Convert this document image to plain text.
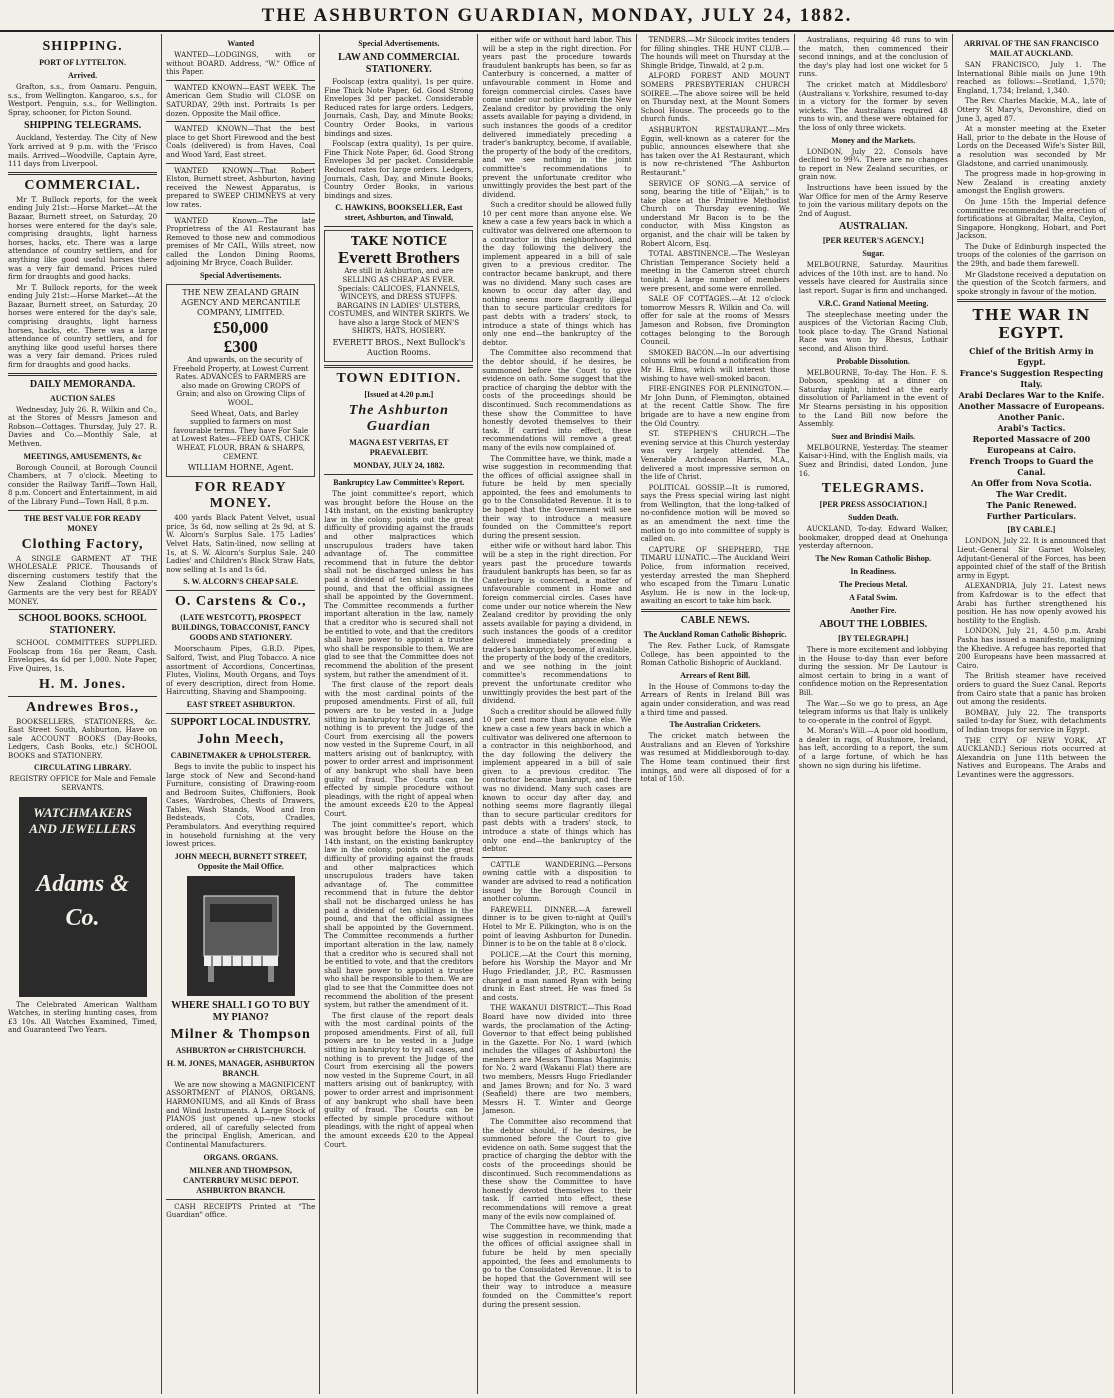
THE ASHBURTON GUARDIAN, MONDAY, JULY 24, 1882.
SHIPPING.
PORT OF LYTTELTON.
Arrived.

Grafton, s.s., from Oamaru. Penguin, s.s., from Wellington. Kangaroo, s.s., for Westport. Penguin, s.s., for Wellington. Spray, schooner, for Picton Sound.

SHIPPING TELEGRAMS.

Auckland, Yesterday. The City of New York arrived at 9 p.m. with the 'Frisco mails. Arrived—Woodville, Captain Ayre, 111 days from Liverpool.

COMMERCIAL.

Mr T. Bullock reports, for the week ending July 21st:—Horse Market—At the Bazaar, Burnett street, on Saturday, 20 horses were entered for the day's sale, comprising draughts, light harness horses, hacks, etc. There was a large attendance of country settlers, and for anything like good useful horses there was a very fair demand. Prices ruled firm for draughts and good hacks.

Mr T. Bullock reports, for the week ending July 21st:—Horse Market—At the Bazaar, Burnett street, on Saturday, 20 horses were entered for the day's sale, comprising draughts, light harness horses, hacks, etc. There was a large attendance of country settlers, and for anything like good useful horses there was a very fair demand. Prices ruled firm for draughts and good hacks.

DAILY MEMORANDA.
AUCTION SALES

Wednesday, July 26. R. Wilkin and Co., at the Stores of Messrs Jameson and Robson—Cottages. Thursday, July 27. R. Davies and Co.—Monthly Sale, at Methven.

MEETINGS, AMUSEMENTS, &c

Borough Council, at Borough Council Chambers, at 7 o'clock. Meeting to consider the Railway Tariff—Town Hall, 8 p.m. Concert and Entertainment, in aid of the Library Fund—Town Hall, 8 p.m.

THE BEST VALUE FOR READY MONEY
Clothing Factory,

A SINGLE GARMENT AT THE WHOLESALE PRICE. Thousands of discerning customers testify that the New Zealand Clothing Factory's Garments are the very best for READY MONEY.

SCHOOL BOOKS. SCHOOL STATIONERY.

SCHOOL COMMITTEES SUPPLIED. Foolscap from 16s per Ream, Cash. Envelopes, 4s 6d per 1,000. Note Paper, Five Quires, 1s.

H. M. Jones.
Andrewes Bros.,

BOOKSELLERS, STATIONERS, &c. East Street South, Ashburton, Have on sale ACCOUNT BOOKS (Day-Books, Ledgers, Cash Books, etc.) SCHOOL BOOKS and STATIONERY.

CIRCULATING LIBRARY.

REGISTRY OFFICE for Male and Female SERVANTS.

WATCHMAKERS AND JEWELLERS
Adams & Co.

The Celebrated American Waltham Watches, in sterling hunting cases, from £3 10s. All Watches Examined, Timed, and Guaranteed Two Years.

Wanted

WANTED—LODGINGS, with or without BOARD. Address, "W." Office of this Paper.

WANTED KNOWN—EAST WEEK. The American Gem Studio will CLOSE on SATURDAY, 29th inst. Portraits 1s per dozen. Opposite the Mail office.

WANTED KNOWN—That the best place to get Short Firewood and the best Coals (delivered) is from Haves, Coal and Wood Yard, East street.

WANTED KNOWN—That Robert Elston, Burnett street, Ashburton, having received the Newest Apparatus, is prepared to SWEEP CHIMNEYS at very low rates.

WANTED Known—The late Proprietress of the A1 Restaurant has Removed to those new and commodious premises of Mr CAIL, Wills street, now called the London Dining Rooms, adjoining Mr Bryce, Coach Builder.

Special Advertisements.
THE NEW ZEALAND GRAIN AGENCY AND MERCANTILE COMPANY, LIMITED.
£50,000
£300

And upwards, on the security of Freehold Property, at Lowest Current Rates. ADVANCES to FARMERS are also made on Growing CROPS of Grain; and also on Growing Clips of WOOL.

Seed Wheat, Oats, and Barley supplied to farmers on most favourable terms. They have For Sale at Lowest Rates—FEED OATS, CHICK WHEAT, FLOUR, BRAN & SHARPS, CEMENT.

WILLIAM HORNE, Agent.
FOR READY MONEY.

400 yards Black Patent Velvet, usual price, 3s 6d, now selling at 2s 9d, at S. W. Alcorn's Surplus Sale. 175 Ladies' Velvet Hats, Satin-lined, now selling at 1s, at S. W. Alcorn's Surplus Sale. 240 Ladies' and Children's Black Straw Hats, now selling at 1s and 1s 6d.

S. W. ALCORN'S CHEAP SALE.
O. Carstens & Co.,
(LATE WESTCOTT), PROSPECT BUILDINGS, TOBACCONIST, FANCY GOODS AND STATIONERY.

Moorschaum Pipes, G.B.D. Pipes, Salford, Twist, and Plug Tobacco. A nice assortment of Accordions, Concertinas, Flutes, Violins, Mouth Organs, and Toys of every description, direct from Home. Haircutting, Shaving and Shampooing.

EAST STREET ASHBURTON.
SUPPORT LOCAL INDUSTRY.
John Meech,
CABINETMAKER & UPHOLSTERER.

Begs to invite the public to inspect his large stock of New and Second-hand Furniture, consisting of Drawing-room and Bedroom Suites, Chiffoniers, Book Cases, Wardrobes, Chests of Drawers, Tables, Wash Stands, Wood and Iron Bedsteads, Cots, Cradles, Perambulators. And everything required in household furnishing at the very lowest prices.

JOHN MEECH, BURNETT STREET, Opposite the Mail Office.
WHERE SHALL I GO TO BUY MY PIANO?
Milner & Thompson
ASHBURTON or CHRISTCHURCH.
H. M. JONES, MANAGER, ASHBURTON BRANCH.

We are now showing a MAGNIFICENT ASSORTMENT of PIANOS, ORGANS, HARMONIUMS, and all Kinds of Brass and Wind Instruments. A Large Stock of PIANOS just opened up—new stocks ordered, all of carefully selected from the principal English, American, and Continental Manufacturers.

ORGANS. ORGANS.
MILNER AND THOMPSON, CANTERBURY MUSIC DEPOT. ASHBURTON BRANCH.

CASH RECEIPTS Printed at "The Guardian" office.

Special Advertisements.
LAW AND COMMERCIAL STATIONERY.

Foolscap (extra quality), 1s per quire. Fine Thick Note Paper, 6d. Good Strong Envelopes 3d per packet. Considerable Reduced rates for large orders. Ledgers, Journals, Cash, Day, and Minute Books; Country Order Books, in various bindings and sizes.

Foolscap (extra quality), 1s per quire. Fine Thick Note Paper, 6d. Good Strong Envelopes 3d per packet. Considerable Reduced rates for large orders. Ledgers, Journals, Cash, Day, and Minute Books; Country Order Books, in various bindings and sizes.

C. HAWKINS, BOOKSELLER, East street, Ashburton, and Tinwald,
TAKE NOTICE
Everett Brothers

Are still in Ashburton, and are SELLING AS CHEAP AS EVER. Specials: CALICOES, FLANNELS, WINCEYS, and DRESS STUFFS. BARGAINS IN LADIES' ULSTERS, COSTUMES, and WINTER SKIRTS. We have also a large Stock of MEN'S SHIRTS, HATS, HOSIERY.

EVERETT BROS., Next Bullock's Auction Rooms.
TOWN EDITION.
[Issued at 4.20 p.m.]
The Ashburton Guardian
MAGNA EST VERITAS, ET PRAEVALEBIT.
MONDAY, JULY 24, 1882.
Bankruptcy Law Committee's Report.

The joint committee's report, which was brought before the House on the 14th instant, on the existing bankruptcy law in the colony, points out the great difficulty of providing against the frauds and other malpractices which unscrupulous traders have taken advantage of. The committee recommend that in future the debtor shall not be discharged unless he has paid a dividend of ten shillings in the pound, and that the official assignees shall be appointed by the Government. The Committee recommends a further important alteration in the law, namely that a creditor who is secured shall not be entitled to vote, and that the creditors shall have power to appoint a trustee who shall be responsible to them. We are glad to see that the Committee does not recommend the abolition of the present system, but rather the amendment of it.

The first clause of the report deals with the most cardinal points of the proposed amendments. First of all, full powers are to be vested in a Judge sitting in bankruptcy to try all cases, and nothing is to prevent the Judge of the Court from exercising all the powers now vested in the Supreme Court, in all matters arising out of bankruptcy, with power to order arrest and imprisonment of any bankrupt who shall have been guilty of fraud. The Courts can be effected by simple procedure without pleadings, with the right of appeal when the amount exceeds £20 to the Appeal Court.

The joint committee's report, which was brought before the House on the 14th instant, on the existing bankruptcy law in the colony, points out the great difficulty of providing against the frauds and other malpractices which unscrupulous traders have taken advantage of. The committee recommend that in future the debtor shall not be discharged unless he has paid a dividend of ten shillings in the pound, and that the official assignees shall be appointed by the Government. The Committee recommends a further important alteration in the law, namely that a creditor who is secured shall not be entitled to vote, and that the creditors shall have power to appoint a trustee who shall be responsible to them. We are glad to see that the Committee does not recommend the abolition of the present system, but rather the amendment of it.

The first clause of the report deals with the most cardinal points of the proposed amendments. First of all, full powers are to be vested in a Judge sitting in bankruptcy to try all cases, and nothing is to prevent the Judge of the Court from exercising all the powers now vested in the Supreme Court, in all matters arising out of bankruptcy, with power to order arrest and imprisonment of any bankrupt who shall have been guilty of fraud. The Courts can be effected by simple procedure without pleadings, with the right of appeal when the amount exceeds £20 to the Appeal Court.

either wife or without hard labor. This will be a step in the right direction. For years past the procedure towards fraudulent bankrupts has been, so far as Canterbury is concerned, a matter of unfavourable comment in Home and foreign commercial circles. Cases have come under our notice wherein the New Zealand creditor by providing the only assets available for paying a dividend, in such instances the goods of a creditor delivered immediately preceding a trader's bankruptcy, become, if available, the property of the body of the creditors, and we see nothing in the joint committee's recommendations to prevent the unfortunate creditor who unwittingly provides the best part of the dividend.

Such a creditor should be allowed fully 10 per cent more than anyone else. We knew a case a few years back in which a cultivator was delivered one afternoon to a contractor in this neighborhood, and the day following the delivery the implement appeared in a bill of sale given to a previous creditor. The contractor became bankrupt, and there was no dividend. Many such cases are known to occur day after day, and nothing seems more flagrantly illegal than to secure particular creditors for past debts with a traders' stock, to introduce a state of things which has only one end—the bankruptcy of the debtor.

The Committee also recommend that the debtor should, if he desires, be summoned before the Court to give evidence on oath. Some suggest that the practice of charging the debtor with the costs of the proceedings should be discontinued. Such recommendations as these show the Committee to have honestly devoted themselves to their task. If carried into effect, these recommendations will remove a great many of the evils now complained of.

The Committee have, we think, made a wise suggestion in recommending that the offices of official assignee shall in future be held by men specially appointed, the fees and emoluments to go to the Consolidated Revenue. It is to be hoped that the Government will see their way to introduce a measure founded on the Committee's report during the present session.

either wife or without hard labor. This will be a step in the right direction. For years past the procedure towards fraudulent bankrupts has been, so far as Canterbury is concerned, a matter of unfavourable comment in Home and foreign commercial circles. Cases have come under our notice wherein the New Zealand creditor by providing the only assets available for paying a dividend, in such instances the goods of a creditor delivered immediately preceding a trader's bankruptcy, become, if available, the property of the body of the creditors, and we see nothing in the joint committee's recommendations to prevent the unfortunate creditor who unwittingly provides the best part of the dividend.

Such a creditor should be allowed fully 10 per cent more than anyone else. We knew a case a few years back in which a cultivator was delivered one afternoon to a contractor in this neighborhood, and the day following the delivery the implement appeared in a bill of sale given to a previous creditor. The contractor became bankrupt, and there was no dividend. Many such cases are known to occur day after day, and nothing seems more flagrantly illegal than to secure particular creditors for past debts with a traders' stock, to introduce a state of things which has only one end—the bankruptcy of the debtor.

CATTLE WANDERING.—Persons owning cattle with a disposition to wander are advised to read a notification issued by the Borough Council in another column.

FAREWELL DINNER.—A farewell dinner is to be given to-night at Quill's Hotel to Mr E. Pilkington, who is on the point of leaving Ashburton for Dunedin. Dinner is to be on the table at 8 o'clock.

POLICE.—At the Court this morning, before his Worship the Mayor and Mr Hugo Friedlander, J.P., P.C. Rasmussen charged a man named Ryan with being drunk in East street. He was fined 5s and costs.

THE WAKANUI DISTRICT.—This Road Board have now divided into three wards, the proclamation of the Acting-Governor to that effect being published in the Gazette. For No. 1 ward (which includes the villages of Ashburton) the members are Messrs Thomas Maginnis; for No. 2 ward (Wakanui Flat) there are two members, Messrs Hugo Friedlander and James Brown; and for No. 3 ward (Seafield) there are two members, Messrs H. T. Winter and George Jameson.

The Committee also recommend that the debtor should, if he desires, be summoned before the Court to give evidence on oath. Some suggest that the practice of charging the debtor with the costs of the proceedings should be discontinued. Such recommendations as these show the Committee to have honestly devoted themselves to their task. If carried into effect, these recommendations will remove a great many of the evils now complained of.

The Committee have, we think, made a wise suggestion in recommending that the offices of official assignee shall in future be held by men specially appointed, the fees and emoluments to go to the Consolidated Revenue. It is to be hoped that the Government will see their way to introduce a measure founded on the Committee's report during the present session.

TENDERS.—Mr Silcock invites tenders for filling shingles. THE HUNT CLUB.—The hounds will meet on Thursday at the Shingle Bridge, Tinwald, at 2 p.m.

ALFORD FOREST AND MOUNT SOMERS PRESBYTERIAN CHURCH SOIREE.—The above soiree will be held on Thursday next, at the Mount Somers School House. The proceeds go to the church funds.

ASHBURTON RESTAURANT.—Mrs Eggin, well-known as a caterer for the public, announces elsewhere that she has taken over the A1 Restaurant, which is now re-christened "The Ashburton Restaurant."

SERVICE OF SONG.—A service of song, bearing the title of "Elijah," is to take place at the Primitive Methodist Church on Thursday evening. We understand Mr Bacon is to be the conductor, with Miss Kingston as organist, and the chair will be taken by Robert Alcorn, Esq.

TOTAL ABSTINENCE.—The Wesleyan Christian Temperance Society held a meeting in the Cameron street church tonight. A large number of members were present, and some were enrolled.

SALE OF COTTAGES.—At 12 o'clock tomorrow Messrs R. Wilkin and Co. will offer for sale at the rooms of Messrs Jameson and Robson, five Dromington cottages belonging to the Borough Council.

SMOKED BACON.—In our advertising columns will be found a notification from Mr H. Elms, which will interest those wishing to have well-smoked bacon.

FIRE-ENGINES FOR PLENINGTON.—Mr John Dunn, of Flemington, obtained at the recent Cattle Show. The fire brigade are to have a new engine from the Old Country.

ST. STEPHEN'S CHURCH.—The evening service at this Church yesterday was very largely attended. The Venerable Archdeacon Harris, M.A., delivered a most impressive sermon on the life of Christ.

POLITICAL GOSSIP.—It is rumored, says the Press special wiring last night from Wellington, that the long-talked of no-confidence motion will be moved so as an amendment the next time the motion to go into committee of supply is called on.

CAPTURE OF SHEPHERD, THE TIMARU LUNATIC.—The Auckland Weiri Police, from information received, yesterday arrested the man Shepherd who escaped from the Timaru Lunatic Asylum. He is now in the lock-up, awaiting an escort to take him back.

CABLE NEWS.
The Auckland Roman Catholic Bishopric.

The Rev. Father Luck, of Ramsgate College, has been appointed to the Roman Catholic Bishopric of Auckland.

Arrears of Rent Bill.

In the House of Commons to-day the Arrears of Rents in Ireland Bill was again under consideration, and was read a third time and passed.

The Australian Cricketers.

The cricket match between the Australians and an Eleven of Yorkshire was resumed at Middlesborough to-day. The Home team continued their first innings, and were all disposed of for a total of 150.

Australians, requiring 48 runs to win the match, then commenced their second innings, and at the conclusion of the day's play had lost one wicket for 5 runs.

The cricket match at Middlesboro' (Australians v. Yorkshire, resumed to-day in a victory for the former by seven wickets. The Australians required 48 runs to win, and these were obtained for the loss of only three wickets.

Money and the Markets.

LONDON, July 22. Consols have declined to 99¾. There are no changes to report in New Zealand securities, or grain now.

Instructions have been issued by the War Office for men of the Army Reserve to join the various military depots on the 2nd of August.

AUSTRALIAN.
[PER REUTER'S AGENCY.]
Sugar.

MELBOURNE, Saturday. Mauritius advices of the 10th inst. are to hand. No vessels have cleared for Australia since last report. Sugar is firm and unchanged.

V.R.C. Grand National Meeting.

The steeplechase meeting under the auspices of the Victorian Racing Club, took place to-day. The Grand National Race was won by Rhesus, Lothair second, and Alison third.

Probable Dissolution.

MELBOURNE, To-day. The Hon. F. S. Dobson, speaking at a dinner on Saturday night, hinted at the early dissolution of Parliament in the event of Mr Stearns persisting in his opposition to the Land Bill now before the Assembly.

Suez and Brindisi Mails.

MELBOURNE, Yesterday. The steamer Kaisar-i-Hind, with the English mails, via Suez and Brindisi, dated London, June 16.

TELEGRAMS.
[PER PRESS ASSOCIATION.]
Sudden Death.

AUCKLAND, To-day. Edward Walker, bookmaker, dropped dead at Onehunga yesterday afternoon.

The New Roman Catholic Bishop.
In Readiness.
The Precious Metal.
A Fatal Swim.
Another Fire.
ABOUT THE LOBBIES.
[BY TELEGRAPH.]

There is more excitement and lobbying in the House to-day than ever before during the session. Mr De Lautour is almost certain to bring in a want of confidence motion on the Representation Bill.

The War.—So we go to press, an Age telegram informs us that Italy is unlikely to co-operate in the control of Egypt.

M. Moran's Will.—A poor old hoodlum, a dealer in rags, of Rushmore, Ireland, has left, according to a report, the sum of a large fortune, of which he has shown no sign during his lifetime.

ARRIVAL OF THE SAN FRANCISCO MAIL AT AUCKLAND.

SAN FRANCISCO, July 1. The International Bible mails on June 19th reached as follows:—Scotland, 1,570; England, 1,734; Ireland, 1,340.

The Rev. Charles Mackie, M.A., late of Ottery St Mary's, Devonshire, died on June 3, aged 87.

At a monster meeting at the Exeter Hall, prior to the debate in the House of Lords on the Deceased Wife's Sister Bill, a resolution was seconded by Mr Gladstone, and carried unanimously.

The progress made in hop-growing in New Zealand is creating anxiety amongst the English growers.

On June 15th the Imperial defence committee recommended the erection of fortifications at Gibraltar, Malta, Ceylon, Singapore, Hongkong, Hobart, and Port Jackson.

The Duke of Edinburgh inspected the troops of the colonies of the garrison on the 29th, and bade them farewell.

Mr Gladstone received a deputation on the question of the Scotch farmers, and spoke strongly in favour of the motion.

THE WAR IN EGYPT.
Chief of the British Army in Egypt.
France's Suggestion Respecting Italy.
Arabi Declares War to the Knife.
Another Massacre of Europeans.
Another Panic.
Arabi's Tactics.
Reported Massacre of 200 Europeans at Cairo.
French Troops to Guard the Canal.
An Offer from Nova Scotia.
The War Credit.
The Panic Renewed.
Further Particulars.
[BY CABLE.]

LONDON, July 22. It is announced that Lieut.-General Sir Garnet Wolseley, Adjutant-General of the Forces, has been appointed chief of the staff of the British army in Egypt.

ALEXANDRIA, July 21. Latest news from Kafrdowar is to the effect that Arabi has further strengthened his position. He has now openly avowed his hostility to the English.

LONDON, July 21, 4.50 p.m. Arabi Pasha has issued a manifesto, maligning the Khedive. A refugee has reported that 200 Europeans have been massacred at Cairo.

The British steamer have received orders to guard the Suez Canal. Reports from Cairo state that a panic has broken out among the residents.

BOMBAY, July 22. The transports sailed to-day for Suez, with detachments of Indian troops for service in Egypt.

THE CITY OF NEW YORK, AT AUCKLAND.] Serious riots occurred at Alexandria on June 11th between the Natives and Europeans. The Arabs and Levantines were the aggressors.
